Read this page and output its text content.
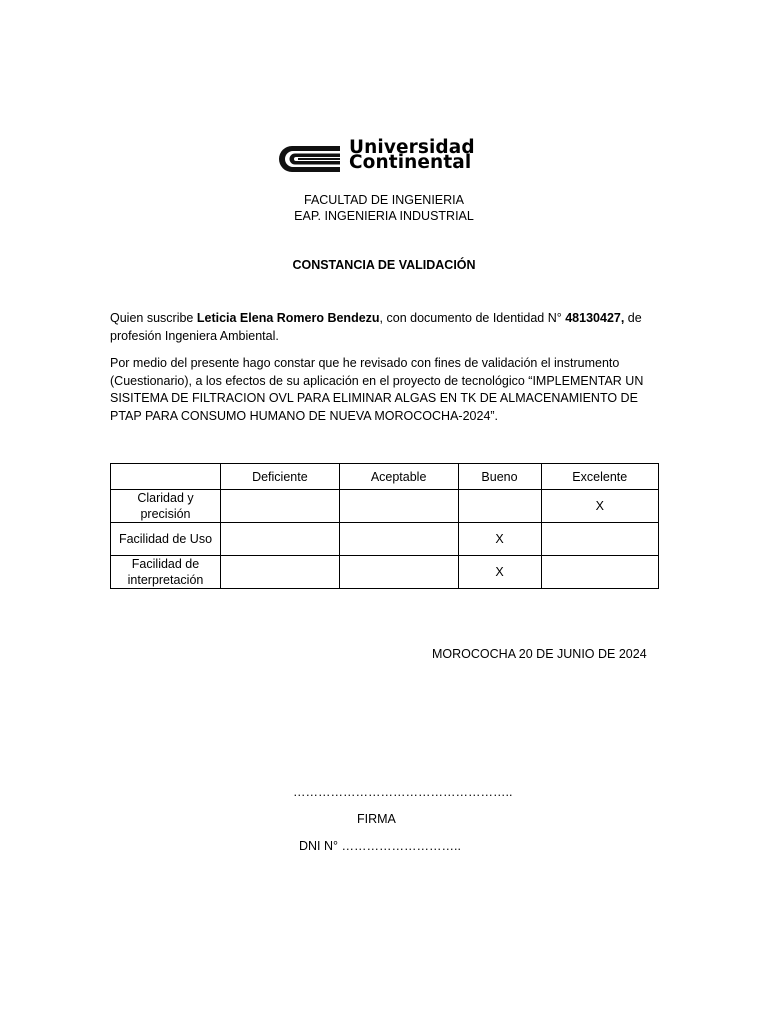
Universidad
Continental
FACULTAD DE INGENIERIA
EAP. INGENIERIA INDUSTRIAL
CONSTANCIA DE VALIDACIÓN
Quien suscribe Leticia Elena Romero Bendezu, con documento de Identidad N° 48130427, de profesión Ingeniera Ambiental.
Por medio del presente hago constar que he revisado con fines de validación el instrumento (Cuestionario), a los efectos de su aplicación en el proyecto de tecnológico “IMPLEMENTAR UN SISITEMA DE FILTRACION OVL PARA ELIMINAR ALGAS EN TK DE ALMACENAMIENTO DE PTAP PARA CONSUMO HUMANO DE NUEVA MOROCOCHA-2024”.
	Deficiente	Aceptable	Bueno	Excelente
Claridad y precisión				X
Facilidad de Uso			X	
Facilidad de interpretación			X	
MOROCOCHA 20 DE JUNIO DE 2024
……………………………………………..
FIRMA
DNI N° ………………………..
